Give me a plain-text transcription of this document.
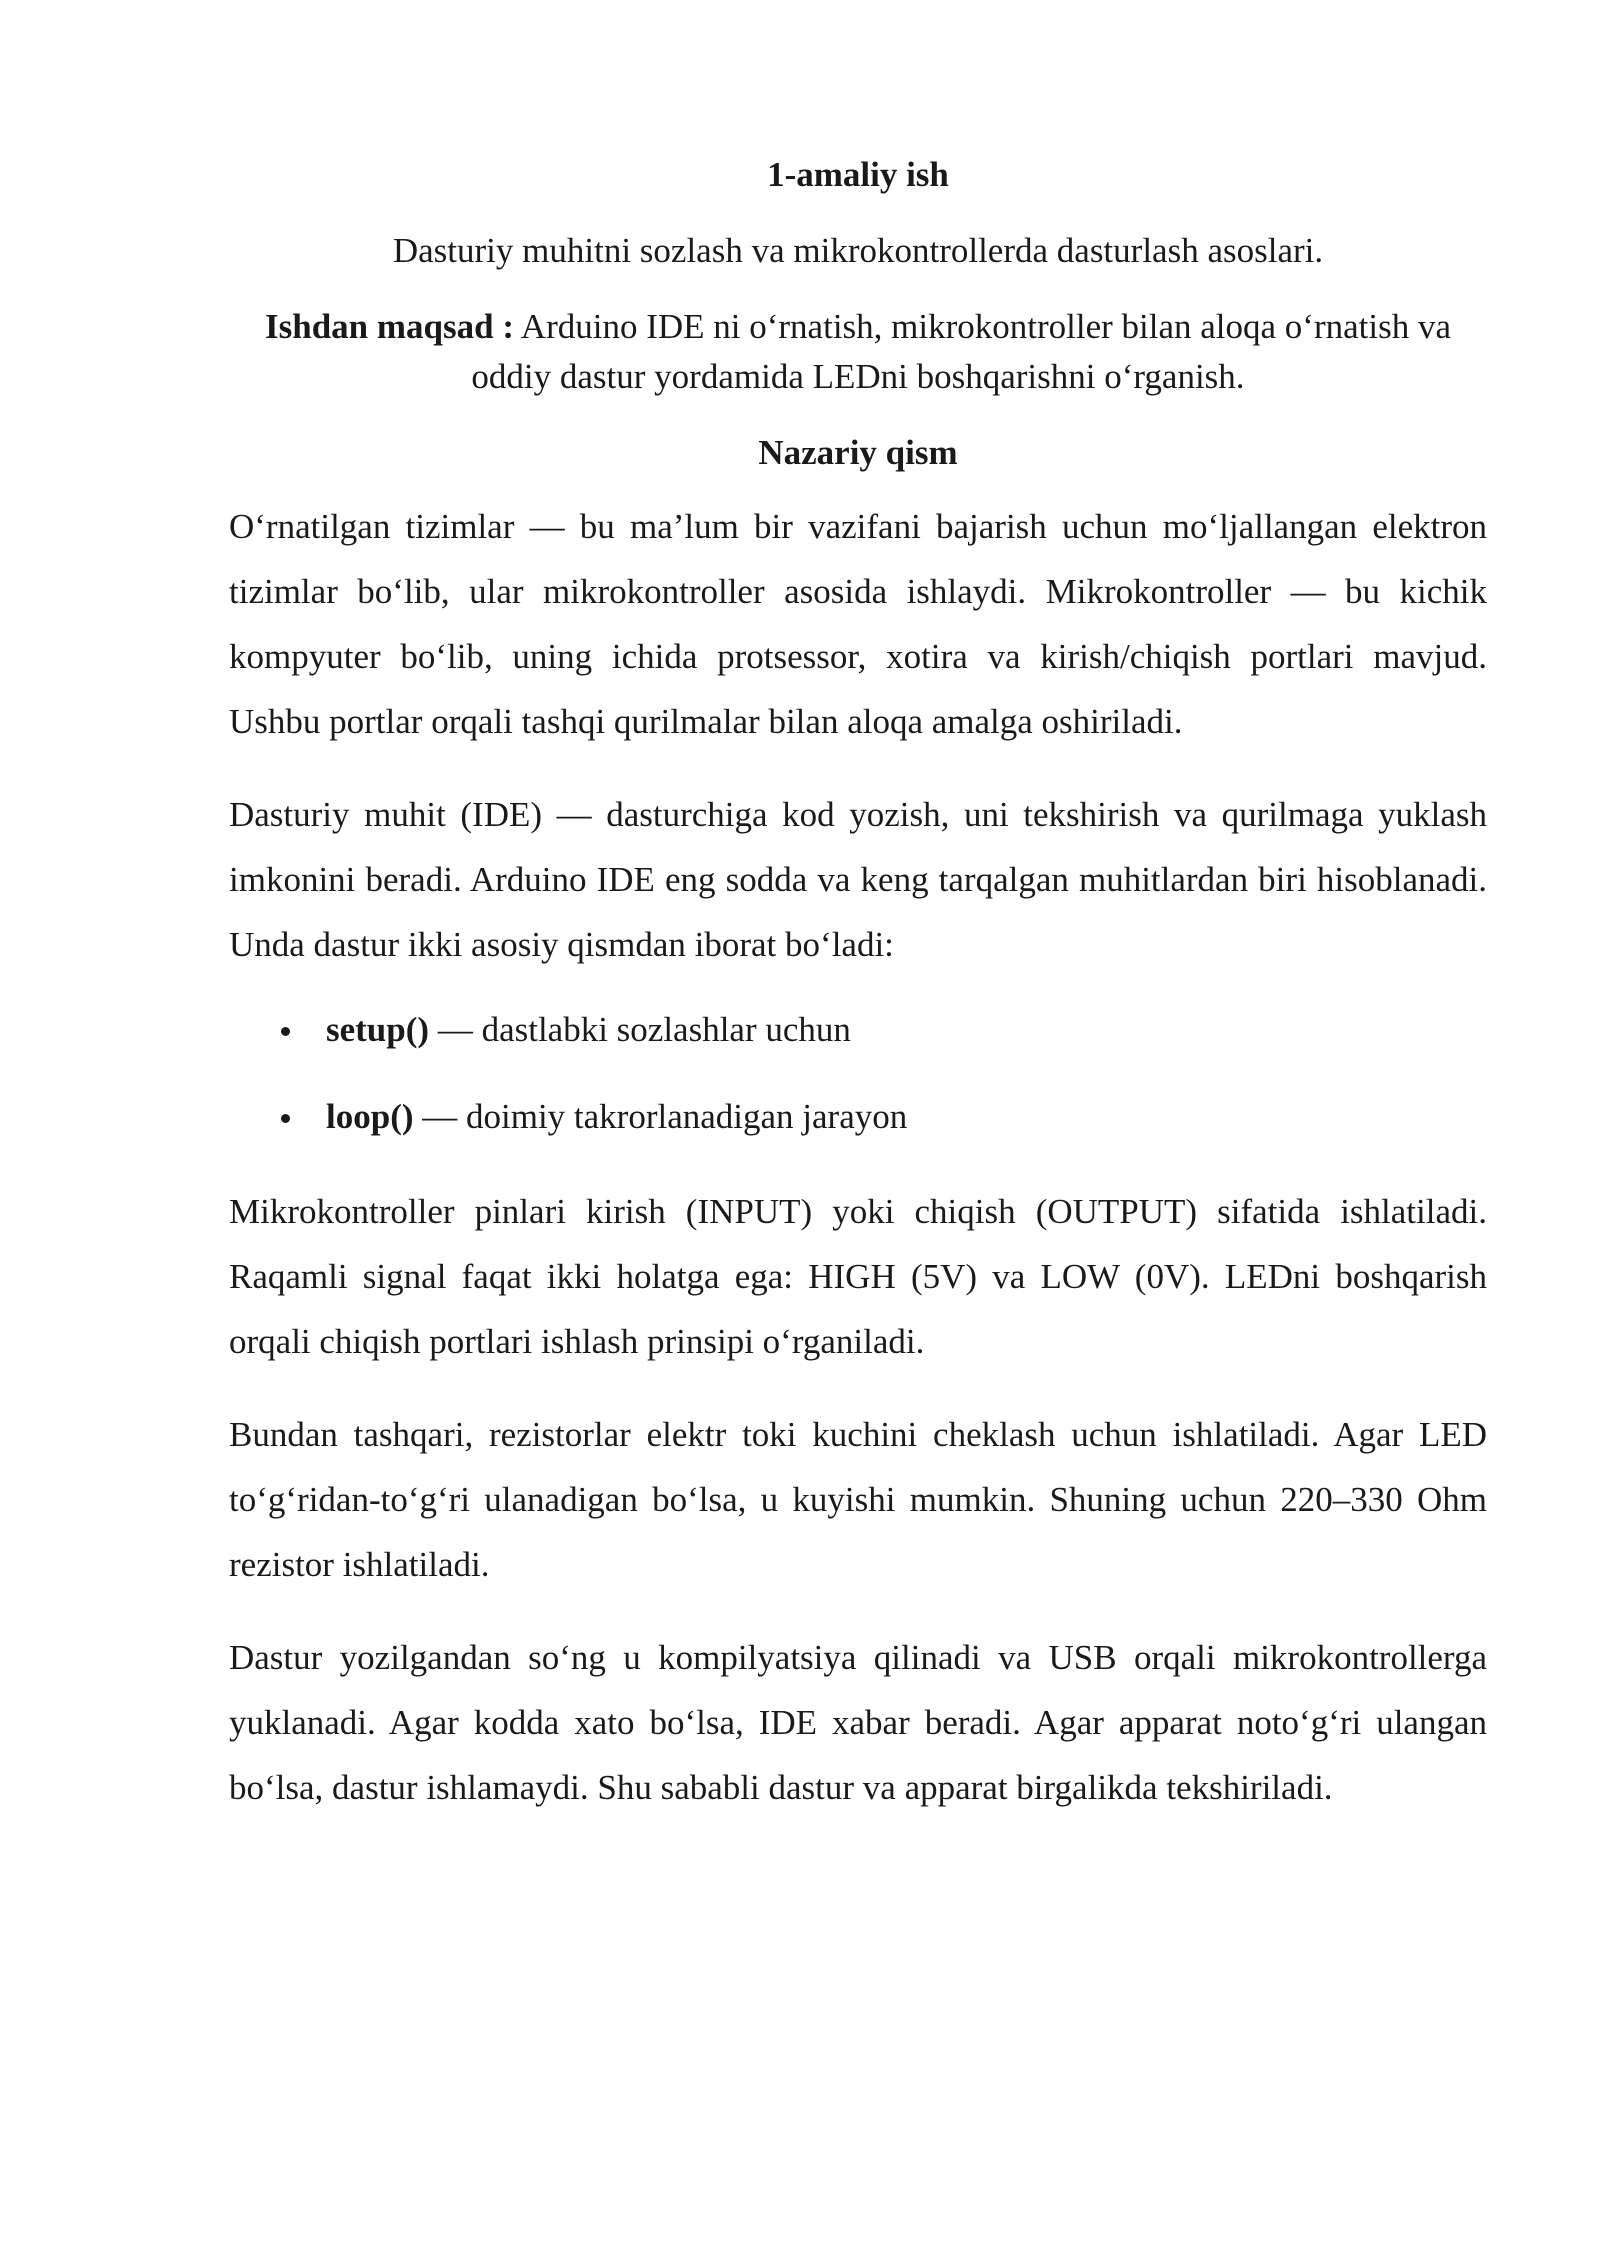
1-amaliy ish

Dasturiy muhitni sozlash va mikrokontrollerda dasturlash asoslari.

Ishdan maqsad : Arduino IDE ni o‘rnatish, mikrokontroller bilan aloqa o‘rnatish va oddiy dastur yordamida LEDni boshqarishni o‘rganish.

Nazariy qism

O‘rnatilgan tizimlar — bu ma’lum bir vazifani bajarish uchun mo‘ljallangan elektron tizimlar bo‘lib, ular mikrokontroller asosida ishlaydi. Mikrokontroller — bu kichik kompyuter bo‘lib, uning ichida protsessor, xotira va kirish/chiqish portlari mavjud. Ushbu portlar orqali tashqi qurilmalar bilan aloqa amalga oshiriladi.

Dasturiy muhit (IDE) — dasturchiga kod yozish, uni tekshirish va qurilmaga yuklash imkonini beradi. Arduino IDE eng sodda va keng tarqalgan muhitlardan biri hisoblanadi. Unda dastur ikki asosiy qismdan iborat bo‘ladi:

setup() — dastlabki sozlashlar uchun
loop() — doimiy takrorlanadigan jarayon

Mikrokontroller pinlari kirish (INPUT) yoki chiqish (OUTPUT) sifatida ishlatiladi. Raqamli signal faqat ikki holatga ega: HIGH (5V) va LOW (0V). LEDni boshqarish orqali chiqish portlari ishlash prinsipi o‘rganiladi.

Bundan tashqari, rezistorlar elektr toki kuchini cheklash uchun ishlatiladi. Agar LED to‘g‘ridan-to‘g‘ri ulanadigan bo‘lsa, u kuyishi mumkin. Shuning uchun 220–330 Ohm rezistor ishlatiladi.

Dastur yozilgandan so‘ng u kompilyatsiya qilinadi va USB orqali mikrokontrollerga yuklanadi. Agar kodda xato bo‘lsa, IDE xabar beradi. Agar apparat noto‘g‘ri ulangan bo‘lsa, dastur ishlamaydi. Shu sababli dastur va apparat birgalikda tekshiriladi.
